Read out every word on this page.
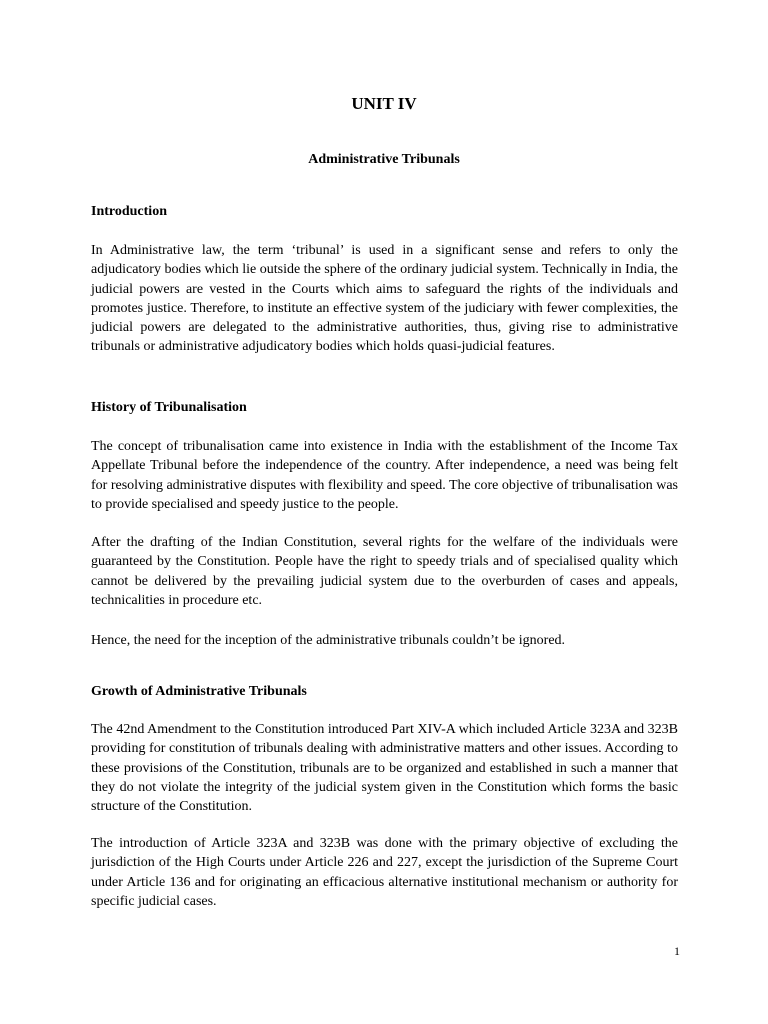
UNIT IV
Administrative Tribunals
Introduction

In Administrative law, the term ‘tribunal’ is used in a significant sense and refers to only the adjudicatory bodies which lie outside the sphere of the ordinary judicial system. Technically in India, the judicial powers are vested in the Courts which aims to safeguard the rights of the individuals and promotes justice. Therefore, to institute an effective system of the judiciary with fewer complexities, the judicial powers are delegated to the administrative authorities, thus, giving rise to administrative tribunals or administrative adjudicatory bodies which holds quasi-judicial features.

History of Tribunalisation

The concept of tribunalisation came into existence in India with the establishment of the Income Tax Appellate Tribunal before the independence of the country. After independence, a need was being felt for resolving administrative disputes with flexibility and speed. The core objective of tribunalisation was to provide specialised and speedy justice to the people.

After the drafting of the Indian Constitution, several rights for the welfare of the individuals were guaranteed by the Constitution. People have the right to speedy trials and of specialised quality which cannot be delivered by the prevailing judicial system due to the overburden of cases and appeals, technicalities in procedure etc.

Hence, the need for the inception of the administrative tribunals couldn’t be ignored.

Growth of Administrative Tribunals

The 42nd Amendment to the Constitution introduced Part XIV-A which included Article 323A and 323B providing for constitution of tribunals dealing with administrative matters and other issues. According to these provisions of the Constitution, tribunals are to be organized and established in such a manner that they do not violate the integrity of the judicial system given in the Constitution which forms the basic structure of the Constitution.

The introduction of Article 323A and 323B was done with the primary objective of excluding the jurisdiction of the High Courts under Article 226 and 227, except the jurisdiction of the Supreme Court under Article 136 and for originating an efficacious alternative institutional mechanism or authority for specific judicial cases.

1
